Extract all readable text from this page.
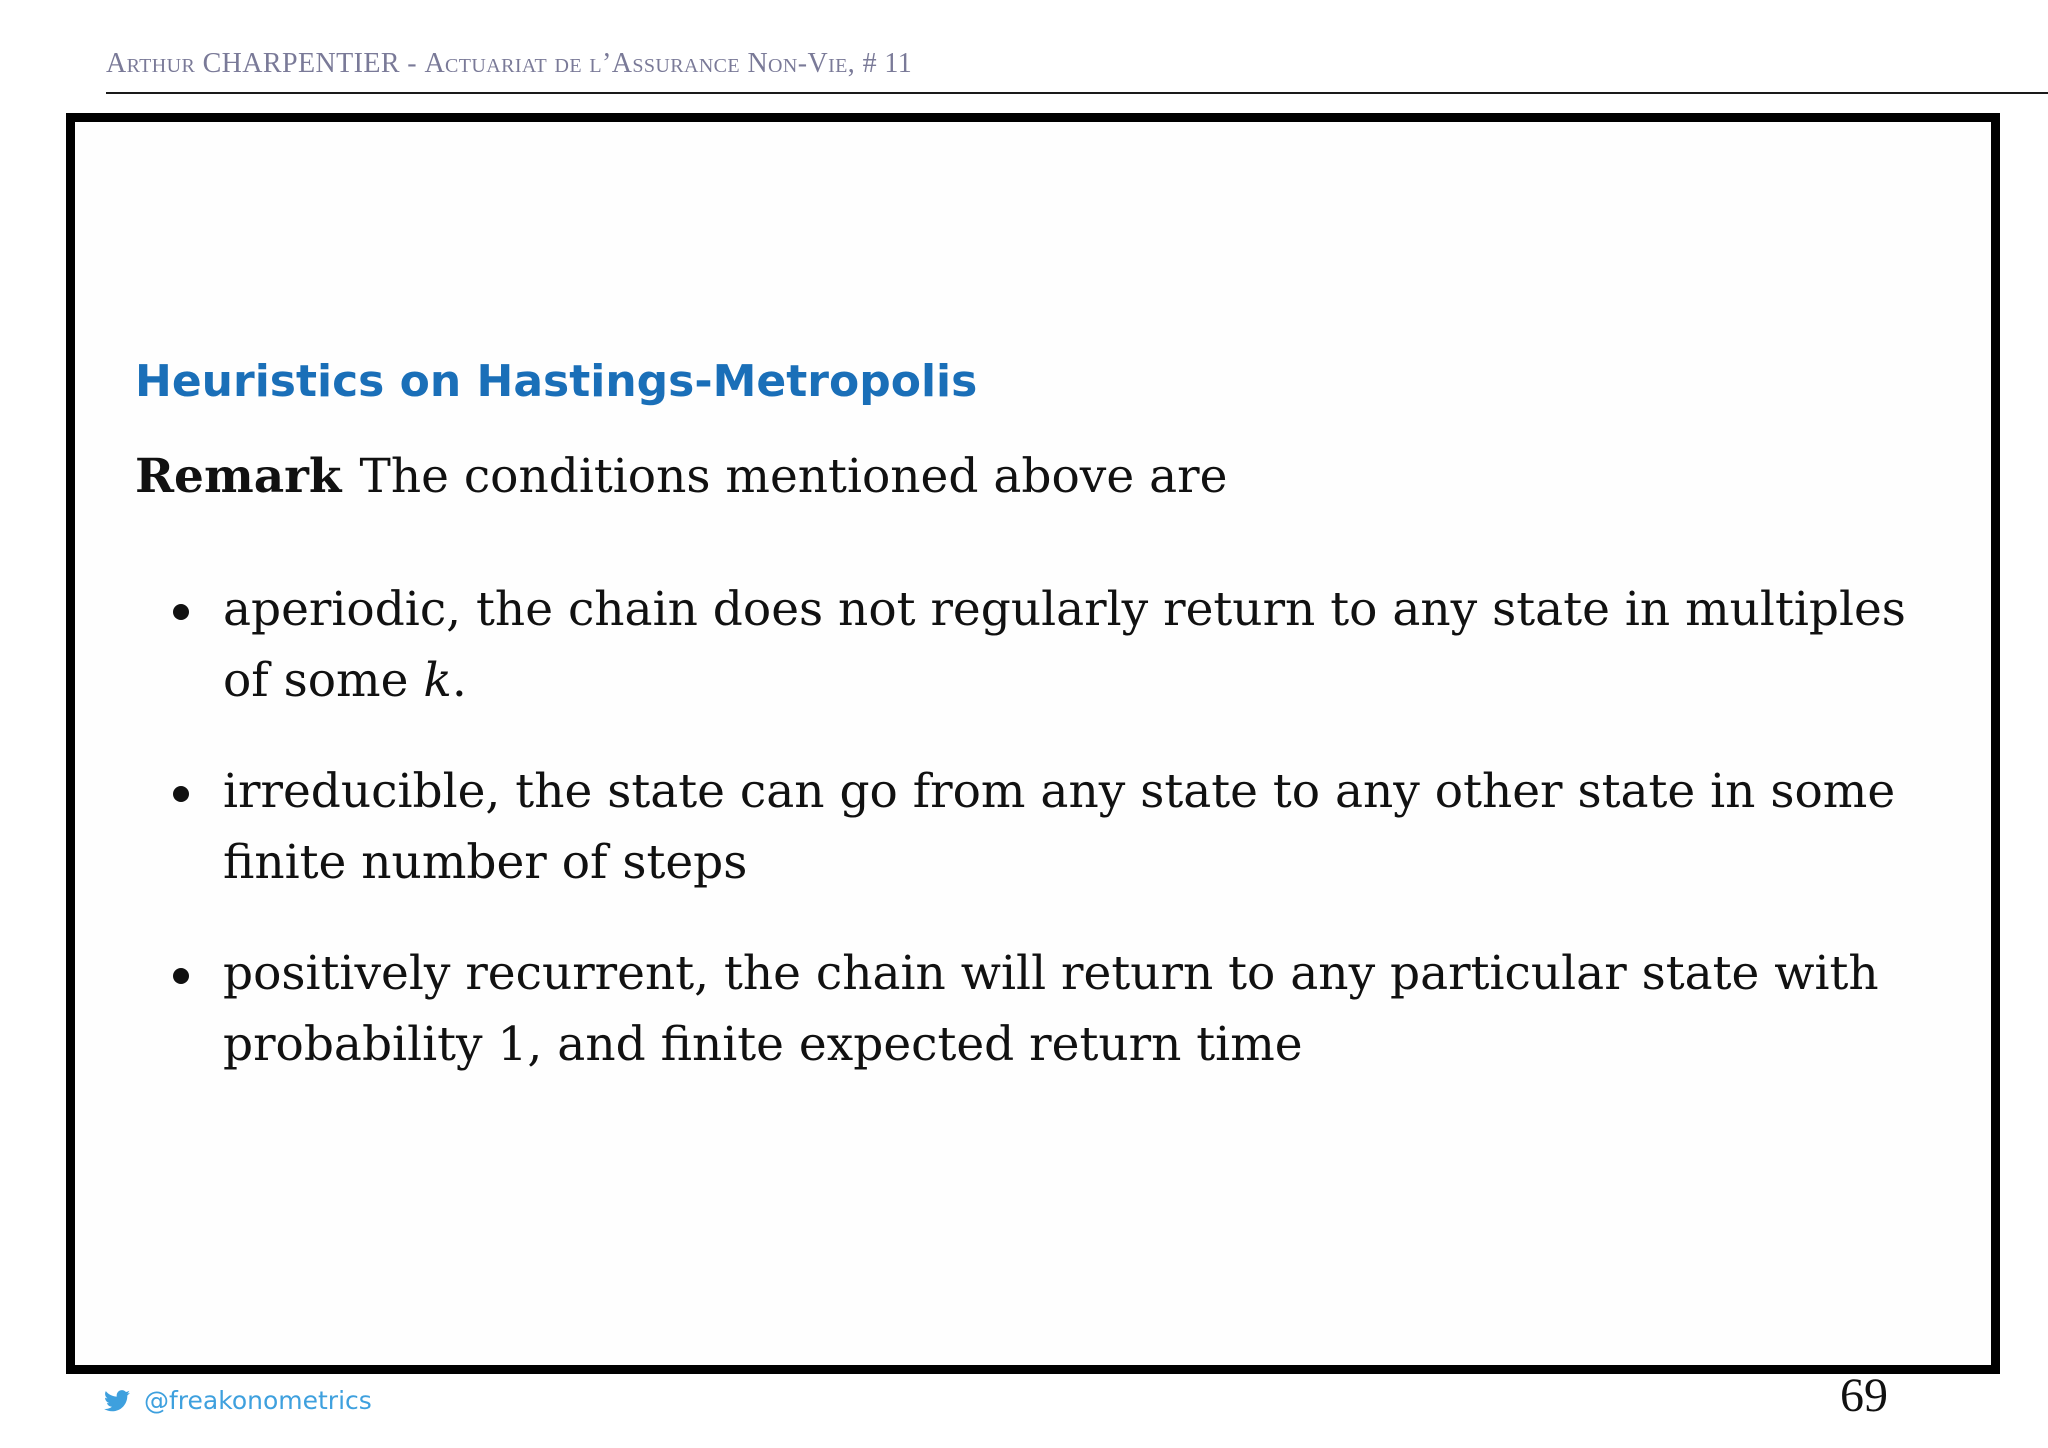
Arthur CHARPENTIER - Actuariat de l’Assurance Non-Vie, # 11
Heuristics on Hastings-Metropolis
Remark The conditions mentioned above are
aperiodic, the chain does not regularly return to any state in multiples of some k.
irreducible, the state can go from any state to any other state in some finite number of steps
positively recurrent, the chain will return to any particular state with probability 1, and finite expected return time
@freakonometrics	69
